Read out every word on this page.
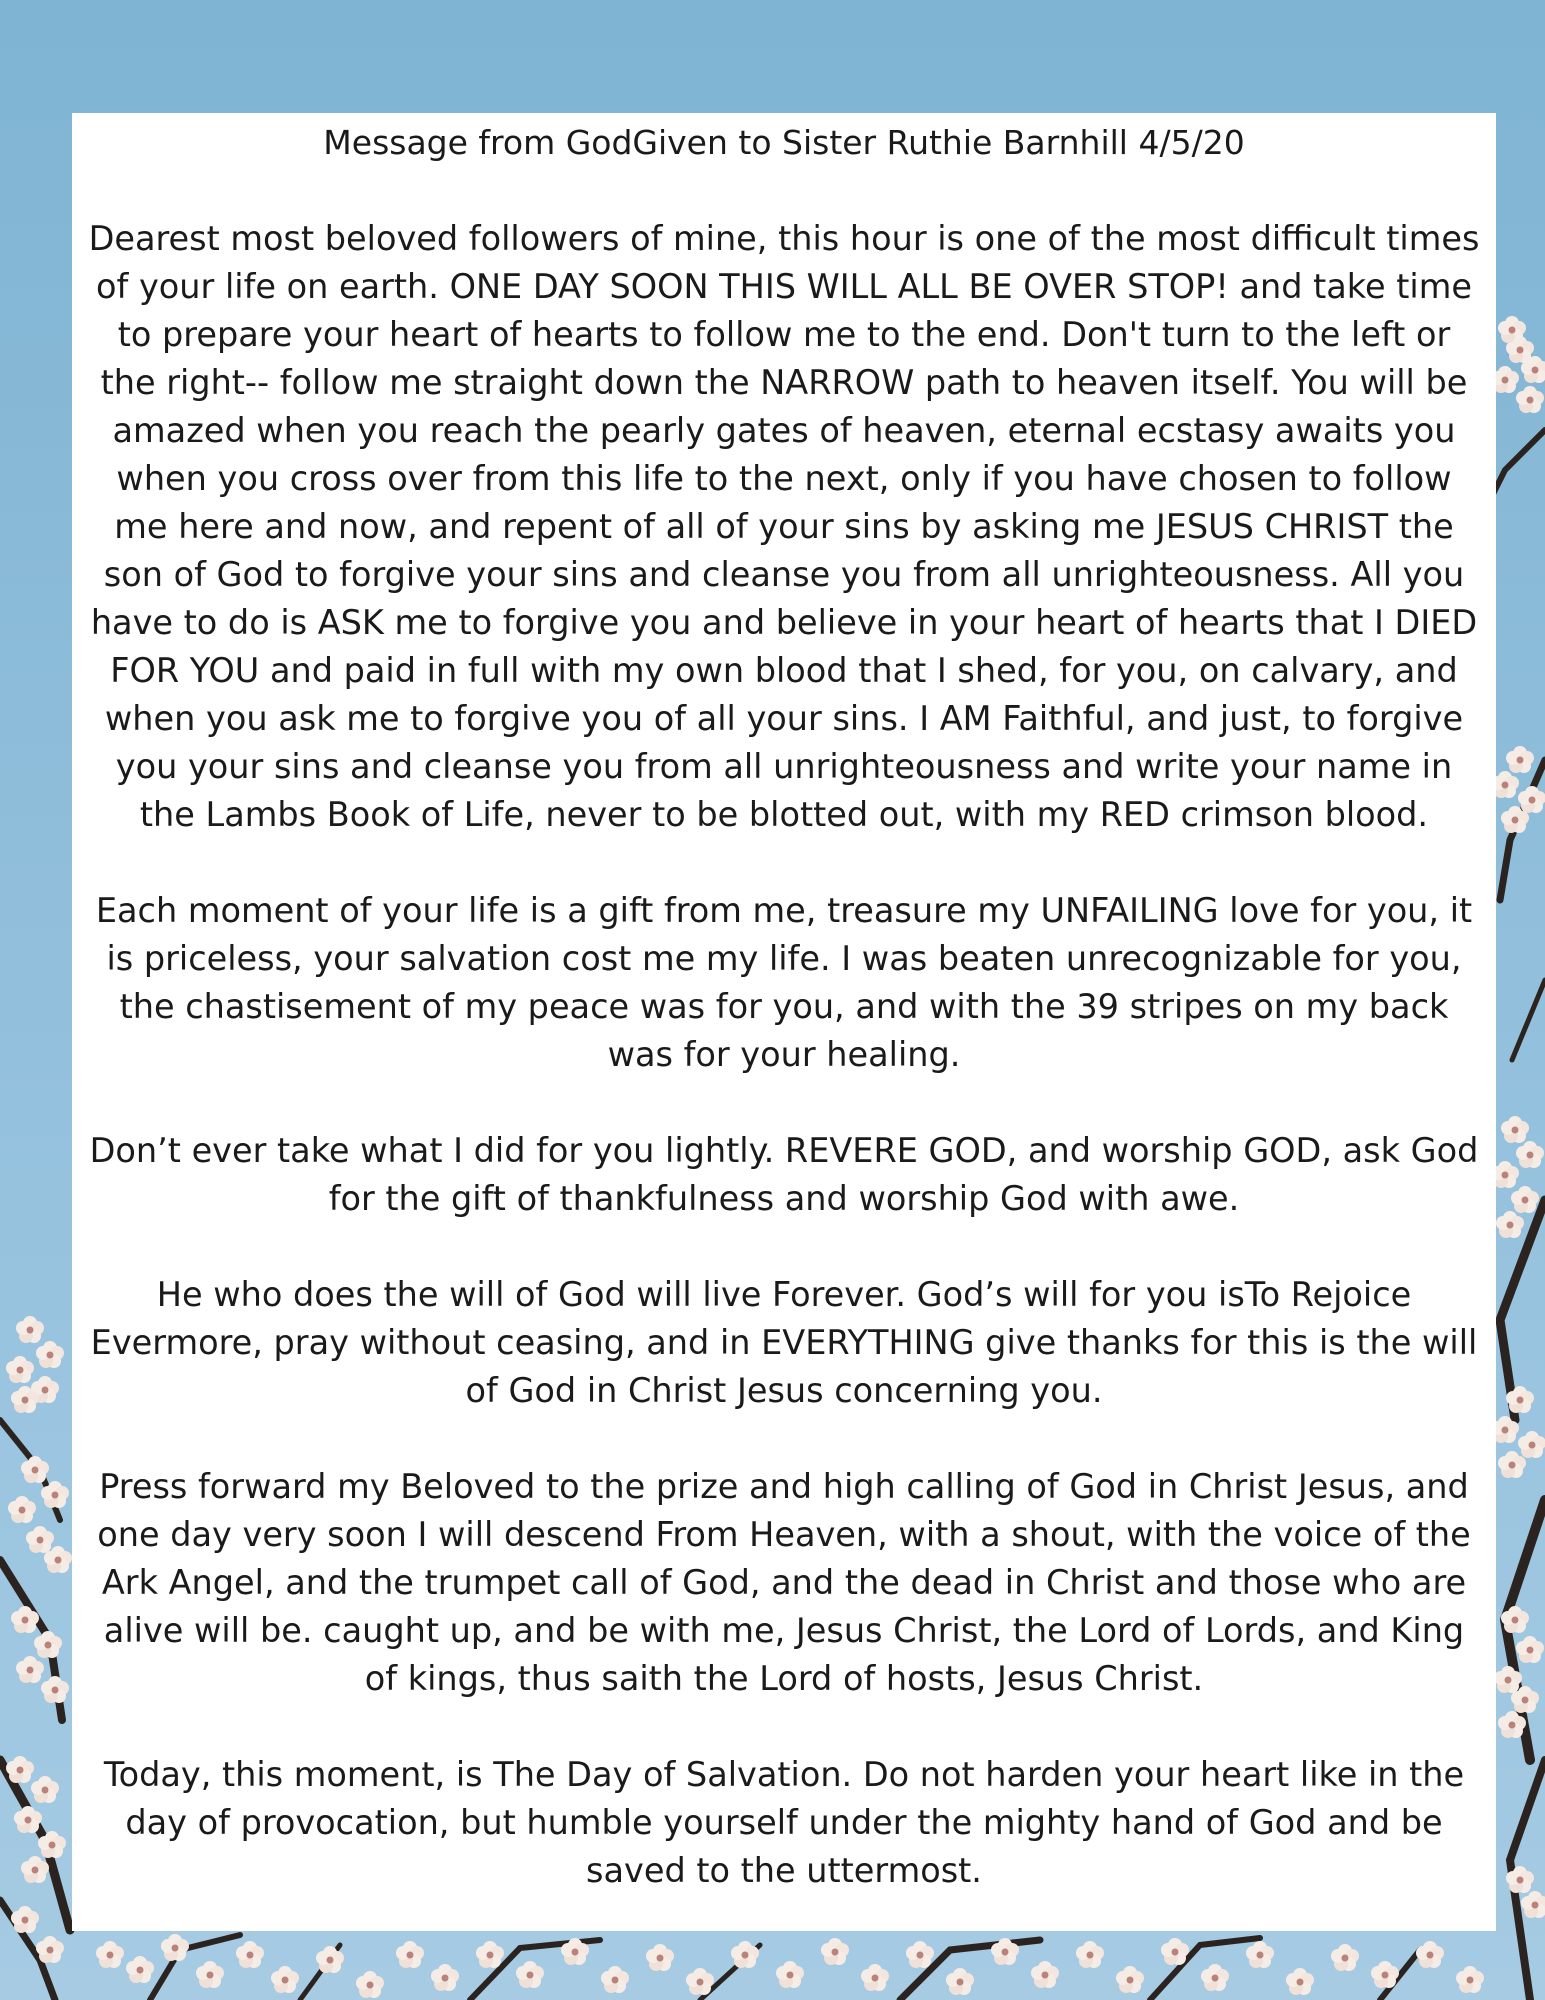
Message from GodGiven to Sister Ruthie Barnhill 4/5/20

Dearest most beloved followers of mine, this hour is one of the most difficult times of your life on earth. ONE DAY SOON THIS WILL ALL BE OVER STOP! and take time to prepare your heart of hearts to follow me to the end. Don't turn to the left or the right-- follow me straight down the NARROW path to heaven itself. You will be amazed when you reach the pearly gates of heaven, eternal ecstasy awaits you when you cross over from this life to the next, only if you have chosen to follow me here and now, and repent of all of your sins by asking me JESUS CHRIST the son of God to forgive your sins and cleanse you from all unrighteousness. All you have to do is ASK me to forgive you and believe in your heart of hearts that I DIED FOR YOU and paid in full with my own blood that I shed, for you, on calvary, and when you ask me to forgive you of all your sins. I AM Faithful, and just, to forgive you your sins and cleanse you from all unrighteousness and write your name in the Lambs Book of Life, never to be blotted out, with my RED crimson blood.

Each moment of your life is a gift from me, treasure my UNFAILING love for you, it is priceless, your salvation cost me my life. I was beaten unrecognizable for you, the chastisement of my peace was for you, and with the 39 stripes on my back was for your healing.

Don’t ever take what I did for you lightly. REVERE GOD, and worship GOD, ask God for the gift of thankfulness and worship God with awe.

He who does the will of God will live Forever. God’s will for you isTo Rejoice Evermore, pray without ceasing, and in EVERYTHING give thanks for this is the will of God in Christ Jesus concerning you.

Press forward my Beloved to the prize and high calling of God in Christ Jesus, and one day very soon I will descend From Heaven, with a shout, with the voice of the Ark Angel, and the trumpet call of God, and the dead in Christ and those who are alive will be. caught up, and be with me, Jesus Christ, the Lord of Lords, and King of kings, thus saith the Lord of hosts, Jesus Christ.

Today, this moment, is The Day of Salvation. Do not harden your heart like in the day of provocation, but humble yourself under the mighty hand of God and be saved to the uttermost.
